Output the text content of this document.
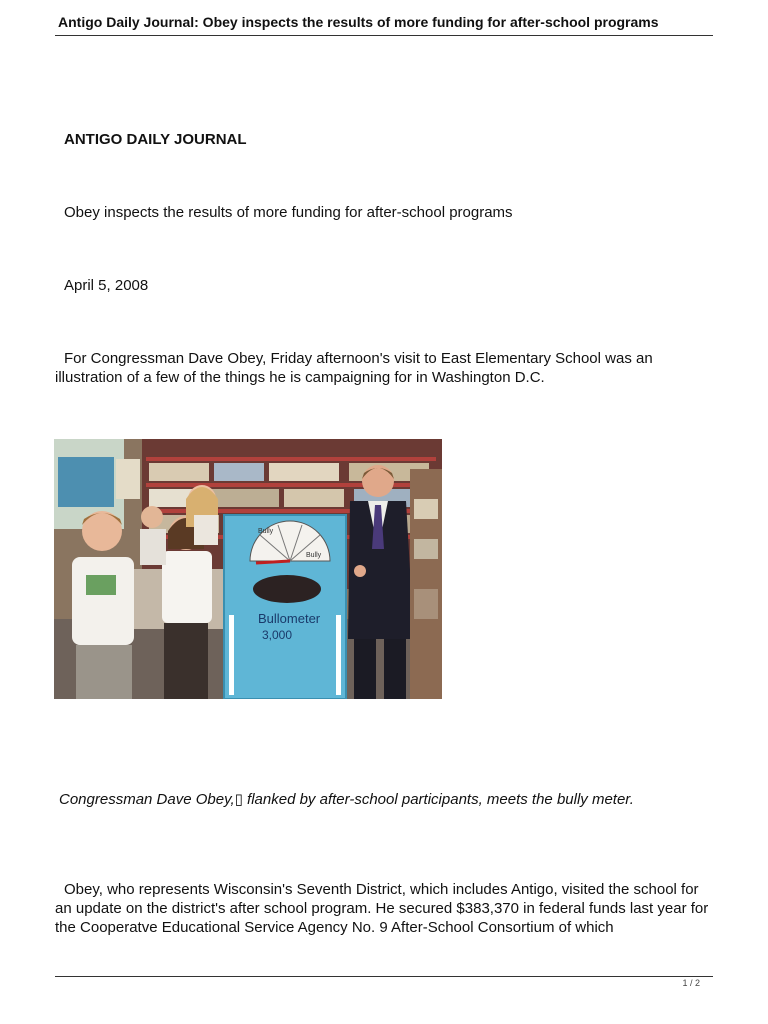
Antigo Daily Journal: Obey inspects the results of more funding for after-school programs
ANTIGO DAILY JOURNAL
Obey inspects the results of more funding for after-school programs
April 5, 2008
For Congressman Dave Obey, Friday afternoon's visit to East Elementary School was an illustration of a few of the things he is campaigning for in Washington D.C.
Bully
Bully
Bullometer
3,000
Congressman Dave Obey,▯ flanked by after-school participants, meets the bully meter.
Obey, who represents Wisconsin's Seventh District, which includes Antigo, visited the school for an update on the district's after school program. He secured $383,370 in federal funds last year for the Cooperatve Educational Service Agency No. 9 After-School Consortium of which
1 / 2
